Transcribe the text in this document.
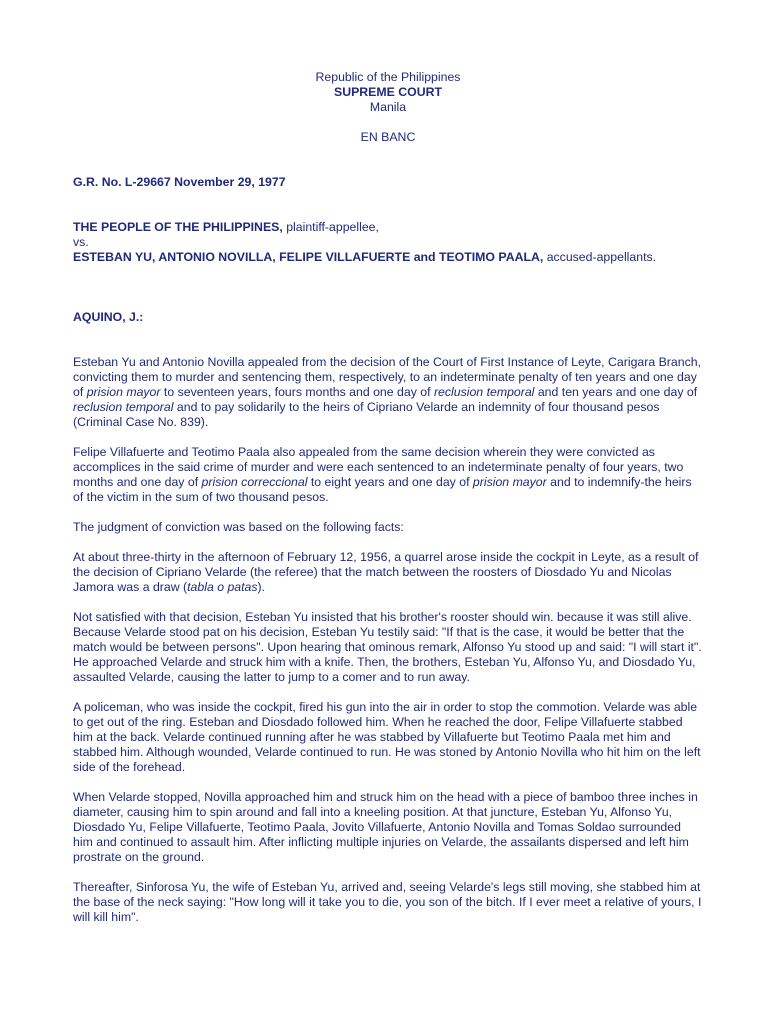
Republic of the Philippines
SUPREME COURT
Manila
EN BANC
G.R. No. L-29667 November 29, 1977

THE PEOPLE OF THE PHILIPPINES, plaintiff-appellee,

vs.

ESTEBAN YU, ANTONIO NOVILLA, FELIPE VILLAFUERTE and TEOTIMO PAALA, accused-appellants.

AQUINO, J.:

Esteban Yu and Antonio Novilla appealed from the decision of the Court of First Instance of Leyte, Carigara Branch, convicting them to murder and sentencing them, respectively, to an indeterminate penalty of ten years and one day of prision mayor to seventeen years, fours months and one day of reclusion temporal and ten years and one day of reclusion temporal and to pay solidarily to the heirs of Cipriano Velarde an indemnity of four thousand pesos (Criminal Case No. 839).

Felipe Villafuerte and Teotimo Paala also appealed from the same decision wherein they were convicted as accomplices in the said crime of murder and were each sentenced to an indeterminate penalty of four years, two months and one day of prision correccional to eight years and one day of prision mayor and to indemnify-the heirs of the victim in the sum of two thousand pesos.

The judgment of conviction was based on the following facts:

At about three-thirty in the afternoon of February 12, 1956, a quarrel arose inside the cockpit in Leyte, as a result of the decision of Cipriano Velarde (the referee) that the match between the roosters of Diosdado Yu and Nicolas Jamora was a draw (tabla o patas).

Not satisfied with that decision, Esteban Yu insisted that his brother's rooster should win. because it was still alive. Because Velarde stood pat on his decision, Esteban Yu testily said: "If that is the case, it would be better that the match would be between persons". Upon hearing that ominous remark, Alfonso Yu stood up and said: "I will start it". He approached Velarde and struck him with a knife. Then, the brothers, Esteban Yu, Alfonso Yu, and Diosdado Yu, assaulted Velarde, causing the latter to jump to a comer and to run away.

A policeman, who was inside the cockpit, fired his gun into the air in order to stop the commotion. Velarde was able to get out of the ring. Esteban and Diosdado followed him. When he reached the door, Felipe Villafuerte stabbed him at the back. Velarde continued running after he was stabbed by Villafuerte but Teotimo Paala met him and stabbed him. Although wounded, Velarde continued to run. He was stoned by Antonio Novilla who hit him on the left side of the forehead.

When Velarde stopped, Novilla approached him and struck him on the head with a piece of bamboo three inches in diameter, causing him to spin around and fall into a kneeling position. At that juncture, Esteban Yu, Alfonso Yu, Diosdado Yu, Felipe Villafuerte, Teotimo Paala, Jovito Villafuerte, Antonio Novilla and Tomas Soldao surrounded him and continued to assault him. After inflicting multiple injuries on Velarde, the assailants dispersed and left him prostrate on the ground.

Thereafter, Sinforosa Yu, the wife of Esteban Yu, arrived and, seeing Velarde's legs still moving, she stabbed him at the base of the neck saying: "How long will it take you to die, you son of the bitch. If I ever meet a relative of yours, I will kill him".
